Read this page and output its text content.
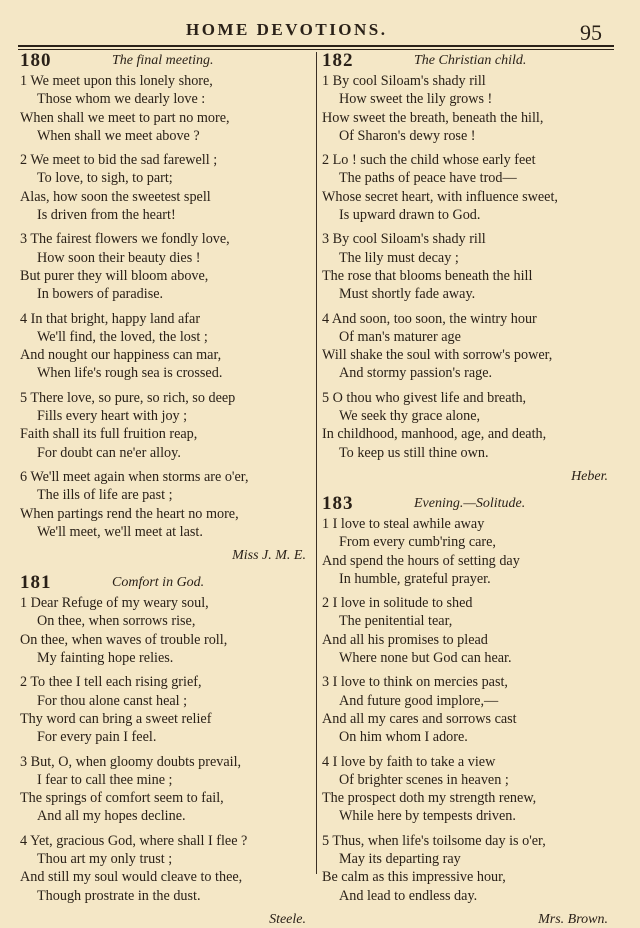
HOME DEVOTIONS.	95
180	The final meeting.
1 We meet upon this lonely shore,
Those whom we dearly love :
When shall we meet to part no more,
When shall we meet above ?
2 We meet to bid the sad farewell ;
To love, to sigh, to part;
Alas, how soon the sweetest spell
Is driven from the heart!
3 The fairest flowers we fondly love,
How soon their beauty dies !
But purer they will bloom above,
In bowers of paradise.
4 In that bright, happy land afar
We'll find, the loved, the lost ;
And nought our happiness can mar,
When life's rough sea is crossed.
5 There love, so pure, so rich, so deep
Fills every heart with joy ;
Faith shall its full fruition reap,
For doubt can ne'er alloy.
6 We'll meet again when storms are o'er,
The ills of life are past ;
When partings rend the heart no more,
We'll meet, we'll meet at last.
Miss J. M. E.
181	Comfort in God.
1 Dear Refuge of my weary soul,
On thee, when sorrows rise,
On thee, when waves of trouble roll,
My fainting hope relies.
2 To thee I tell each rising grief,
For thou alone canst heal ;
Thy word can bring a sweet relief
For every pain I feel.
3 But, O, when gloomy doubts prevail,
I fear to call thee mine ;
The springs of comfort seem to fail,
And all my hopes decline.
4 Yet, gracious God, where shall I flee ?
Thou art my only trust ;
And still my soul would cleave to thee,
Though prostrate in the dust.
Steele.
182	The Christian child.
1 By cool Siloam's shady rill
How sweet the lily grows !
How sweet the breath, beneath the hill,
Of Sharon's dewy rose !
2 Lo ! such the child whose early feet
The paths of peace have trod—
Whose secret heart, with influence sweet,
Is upward drawn to God.
3 By cool Siloam's shady rill
The lily must decay ;
The rose that blooms beneath the hill
Must shortly fade away.
4 And soon, too soon, the wintry hour
Of man's maturer age
Will shake the soul with sorrow's power,
And stormy passion's rage.
5 O thou who givest life and breath,
We seek thy grace alone,
In childhood, manhood, age, and death,
To keep us still thine own.
Heber.
183	Evening.—Solitude.
1 I love to steal awhile away
From every cumb'ring care,
And spend the hours of setting day
In humble, grateful prayer.
2 I love in solitude to shed
The penitential tear,
And all his promises to plead
Where none but God can hear.
3 I love to think on mercies past,
And future good implore,—
And all my cares and sorrows cast
On him whom I adore.
4 I love by faith to take a view
Of brighter scenes in heaven ;
The prospect doth my strength renew,
While here by tempests driven.
5 Thus, when life's toilsome day is o'er,
May its departing ray
Be calm as this impressive hour,
And lead to endless day.
Mrs. Brown.
